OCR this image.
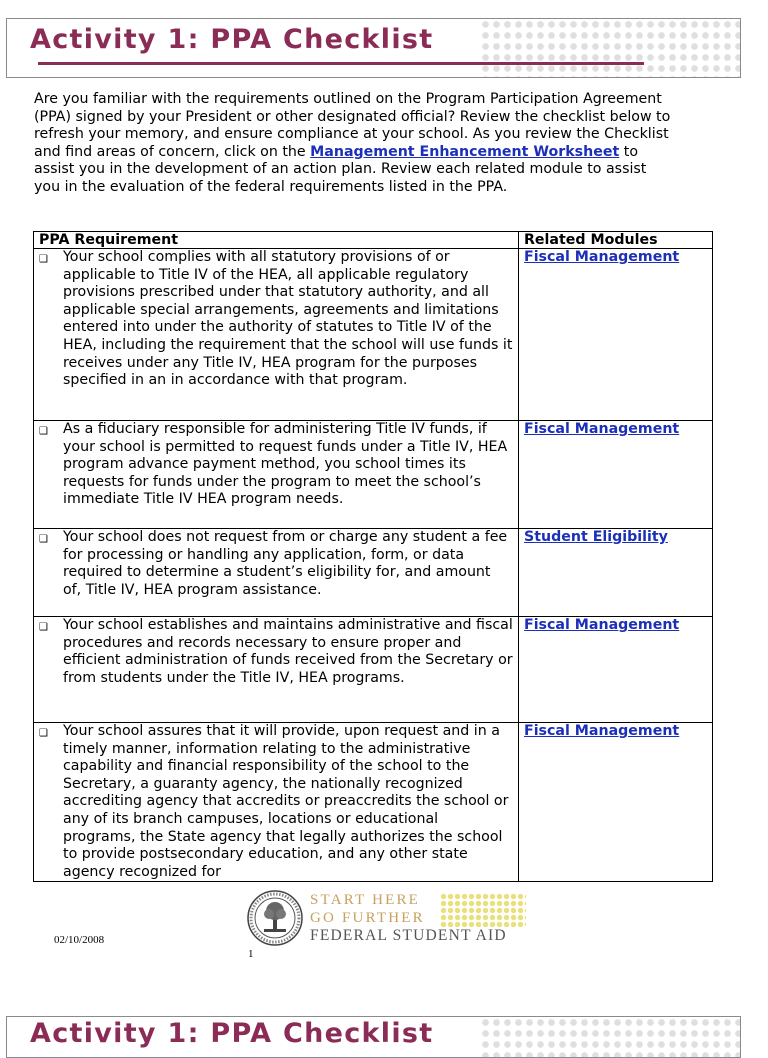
Activity 1: PPA Checklist
Are you familiar with the requirements outlined on the Program Participation Agreement (PPA) signed by your President or other designated official? Review the checklist below to refresh your memory, and ensure compliance at your school. As you review the Checklist and find areas of concern, click on the Management Enhancement Worksheet to assist you in the development of an action plan. Review each related module to assist you in the evaluation of the federal requirements listed in the PPA.
PPA Requirement	Related Modules

❑ Your school complies with all statutory provisions of or applicable to Title IV of the HEA, all applicable regulatory provisions prescribed under that statutory authority, and all applicable special arrangements, agreements and limitations entered into under the authority of statutes to Title IV of the HEA, including the requirement that the school will use funds it receives under any Title IV, HEA program for the purposes specified in an in accordance with that program.	Fiscal Management

❑ As a fiduciary responsible for administering Title IV funds, if your school is permitted to request funds under a Title IV, HEA program advance payment method, you school times its requests for funds under the program to meet the school’s immediate Title IV HEA program needs.	Fiscal Management

❑ Your school does not request from or charge any student a fee for processing or handling any application, form, or data required to determine a student’s eligibility for, and amount of, Title IV, HEA program assistance.	Student Eligibility

❑ Your school establishes and maintains administrative and fiscal procedures and records necessary to ensure proper and efficient administration of funds received from the Secretary or from students under the Title IV, HEA programs.	Fiscal Management

❑ Your school assures that it will provide, upon request and in a timely manner, information relating to the administrative capability and financial responsibility of the school to the Secretary, a guaranty agency, the nationally recognized accrediting agency that accredits or preaccredits the school or any of its branch campuses, locations or educational programs, the State agency that legally authorizes the school to provide postsecondary education, and any other state agency recognized for	Fiscal Management
02/10/2008
START HERE
GO FURTHER
FEDERAL STUDENT AID
1
Activity 1: PPA Checklist
